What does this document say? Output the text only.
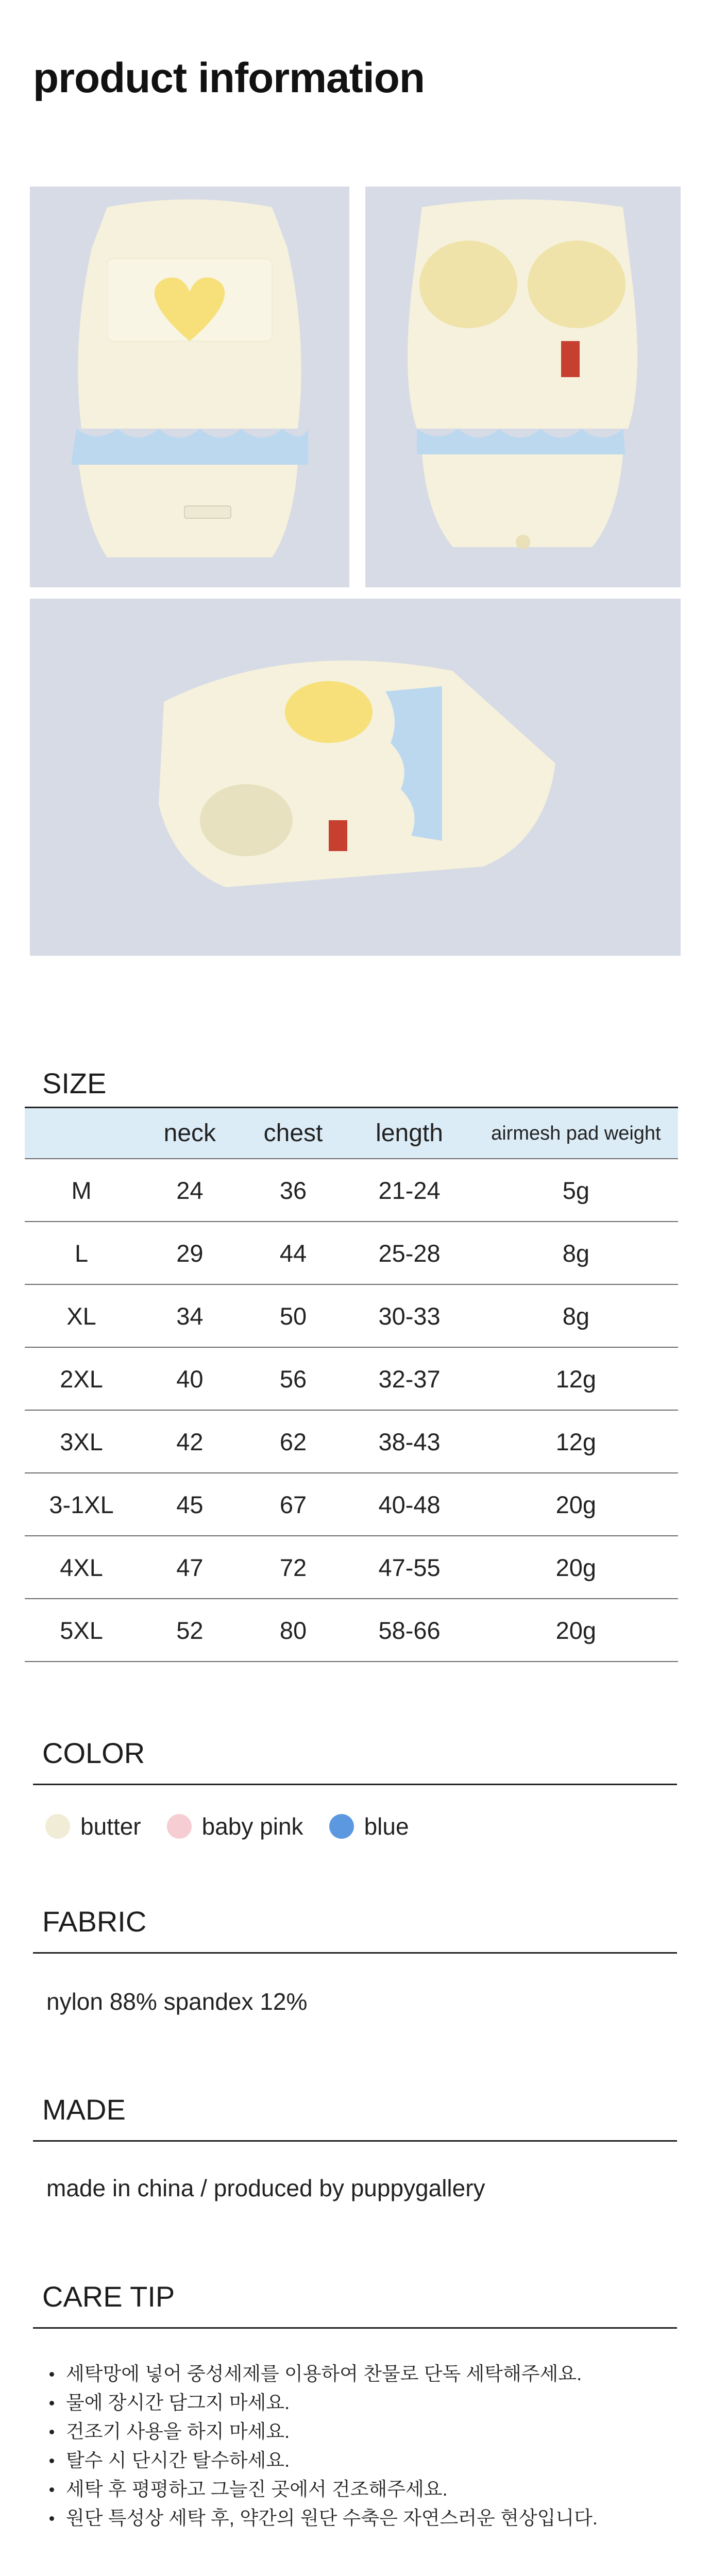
product information
SIZE
	neck	chest	length	airmesh pad weight
M	24	36	21-24	5g
L	29	44	25-28	8g
XL	34	50	30-33	8g
2XL	40	56	32-37	12g
3XL	42	62	38-43	12g
3-1XL	45	67	40-48	20g
4XL	47	72	47-55	20g
5XL	52	80	58-66	20g
COLOR
butter	baby pink	blue
FABRIC
nylon 88% spandex 12%
MADE
made in china / produced by puppygallery
CARE TIP
세탁망에 넣어 중성세제를 이용하여 찬물로 단독 세탁해주세요.
물에 장시간 담그지 마세요.
건조기 사용을 하지 마세요.
탈수 시 단시간 탈수하세요.
세탁 후 평평하고 그늘진 곳에서 건조해주세요.
원단 특성상 세탁 후, 약간의 원단 수축은 자연스러운 현상입니다.
